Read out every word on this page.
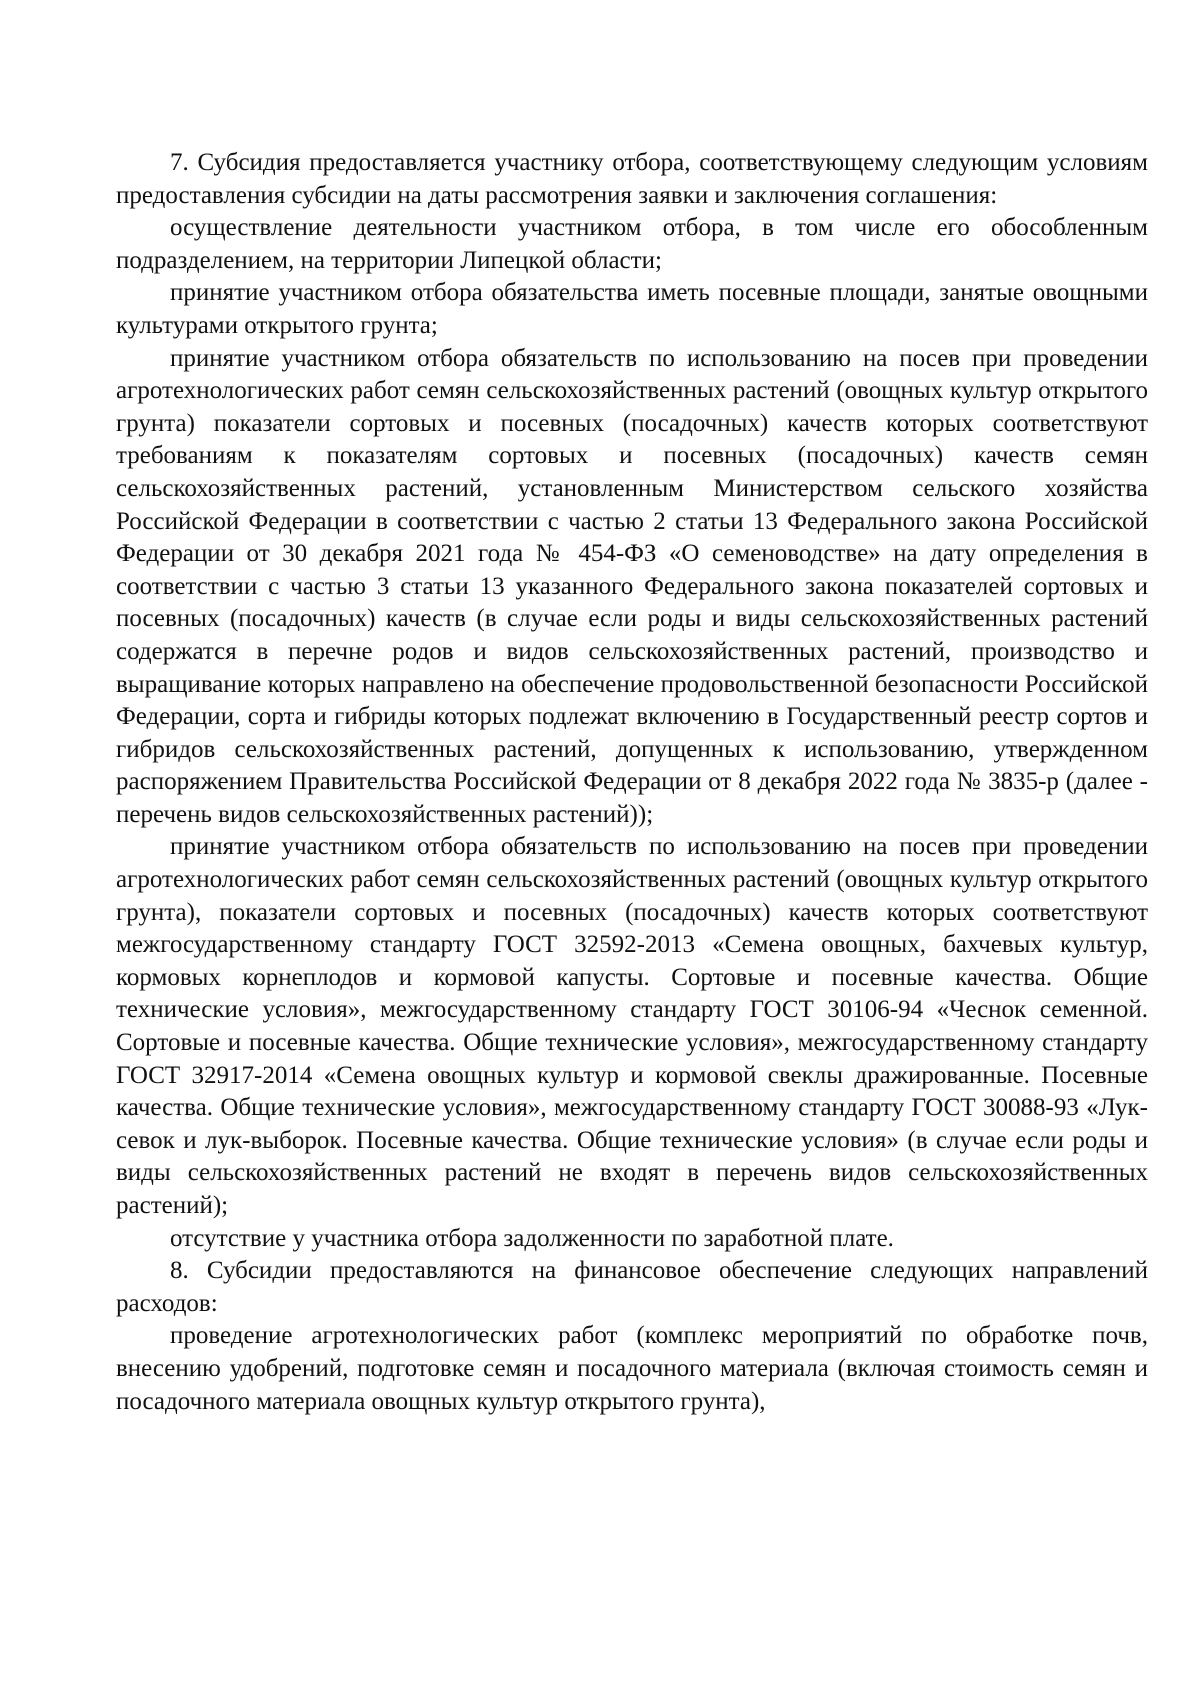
7. Субсидия предоставляется участнику отбора, соответствующему следующим условиям предоставления субсидии на даты рассмотрения заявки и заключения соглашения:

осуществление деятельности участником отбора, в том числе его обособленным подразделением, на территории Липецкой области;

принятие участником отбора обязательства иметь посевные площади, занятые овощными культурами открытого грунта;

принятие участником отбора обязательств по использованию на посев при проведении агротехнологических работ семян сельскохозяйственных растений (овощных культур открытого грунта) показатели сортовых и посевных (посадочных) качеств которых соответствуют требованиям к показателям сортовых и посевных (посадочных) качеств семян сельскохозяйственных растений, установленным Министерством сельского хозяйства Российской Федерации в соответствии с частью 2 статьи 13 Федерального закона Российской Федерации от 30 декабря 2021 года № 454-ФЗ «О семеноводстве» на дату определения в соответствии с частью 3 статьи 13 указанного Федерального закона показателей сортовых и посевных (посадочных) качеств (в случае если роды и виды сельскохозяйственных растений содержатся в перечне родов и видов сельскохозяйственных растений, производство и выращивание которых направлено на обеспечение продовольственной безопасности Российской Федерации, сорта и гибриды которых подлежат включению в Государственный реестр сортов и гибридов сельскохозяйственных растений, допущенных к использованию, утвержденном распоряжением Правительства Российской Федерации от 8 декабря 2022 года № 3835-р (далее - перечень видов сельскохозяйственных растений));

принятие участником отбора обязательств по использованию на посев при проведении агротехнологических работ семян сельскохозяйственных растений (овощных культур открытого грунта), показатели сортовых и посевных (посадочных) качеств которых соответствуют межгосударственному стандарту ГОСТ 32592-2013 «Семена овощных, бахчевых культур, кормовых корнеплодов и кормовой капусты. Сортовые и посевные качества. Общие технические условия», межгосударственному стандарту ГОСТ 30106-94 «Чеснок семенной. Сортовые и посевные качества. Общие технические условия», межгосударственному стандарту ГОСТ 32917-2014 «Семена овощных культур и кормовой свеклы дражированные. Посевные качества. Общие технические условия», межгосударственному стандарту ГОСТ 30088-93 «Лук-севок и лук-выборок. Посевные качества. Общие технические условия» (в случае если роды и виды сельскохозяйственных растений не входят в перечень видов сельскохозяйственных растений);

отсутствие у участника отбора задолженности по заработной плате.

8. Субсидии предоставляются на финансовое обеспечение следующих направлений расходов:

проведение агротехнологических работ (комплекс мероприятий по обработке почв, внесению удобрений, подготовке семян и посадочного материала (включая стоимость семян и посадочного материала овощных культур открытого грунта),
